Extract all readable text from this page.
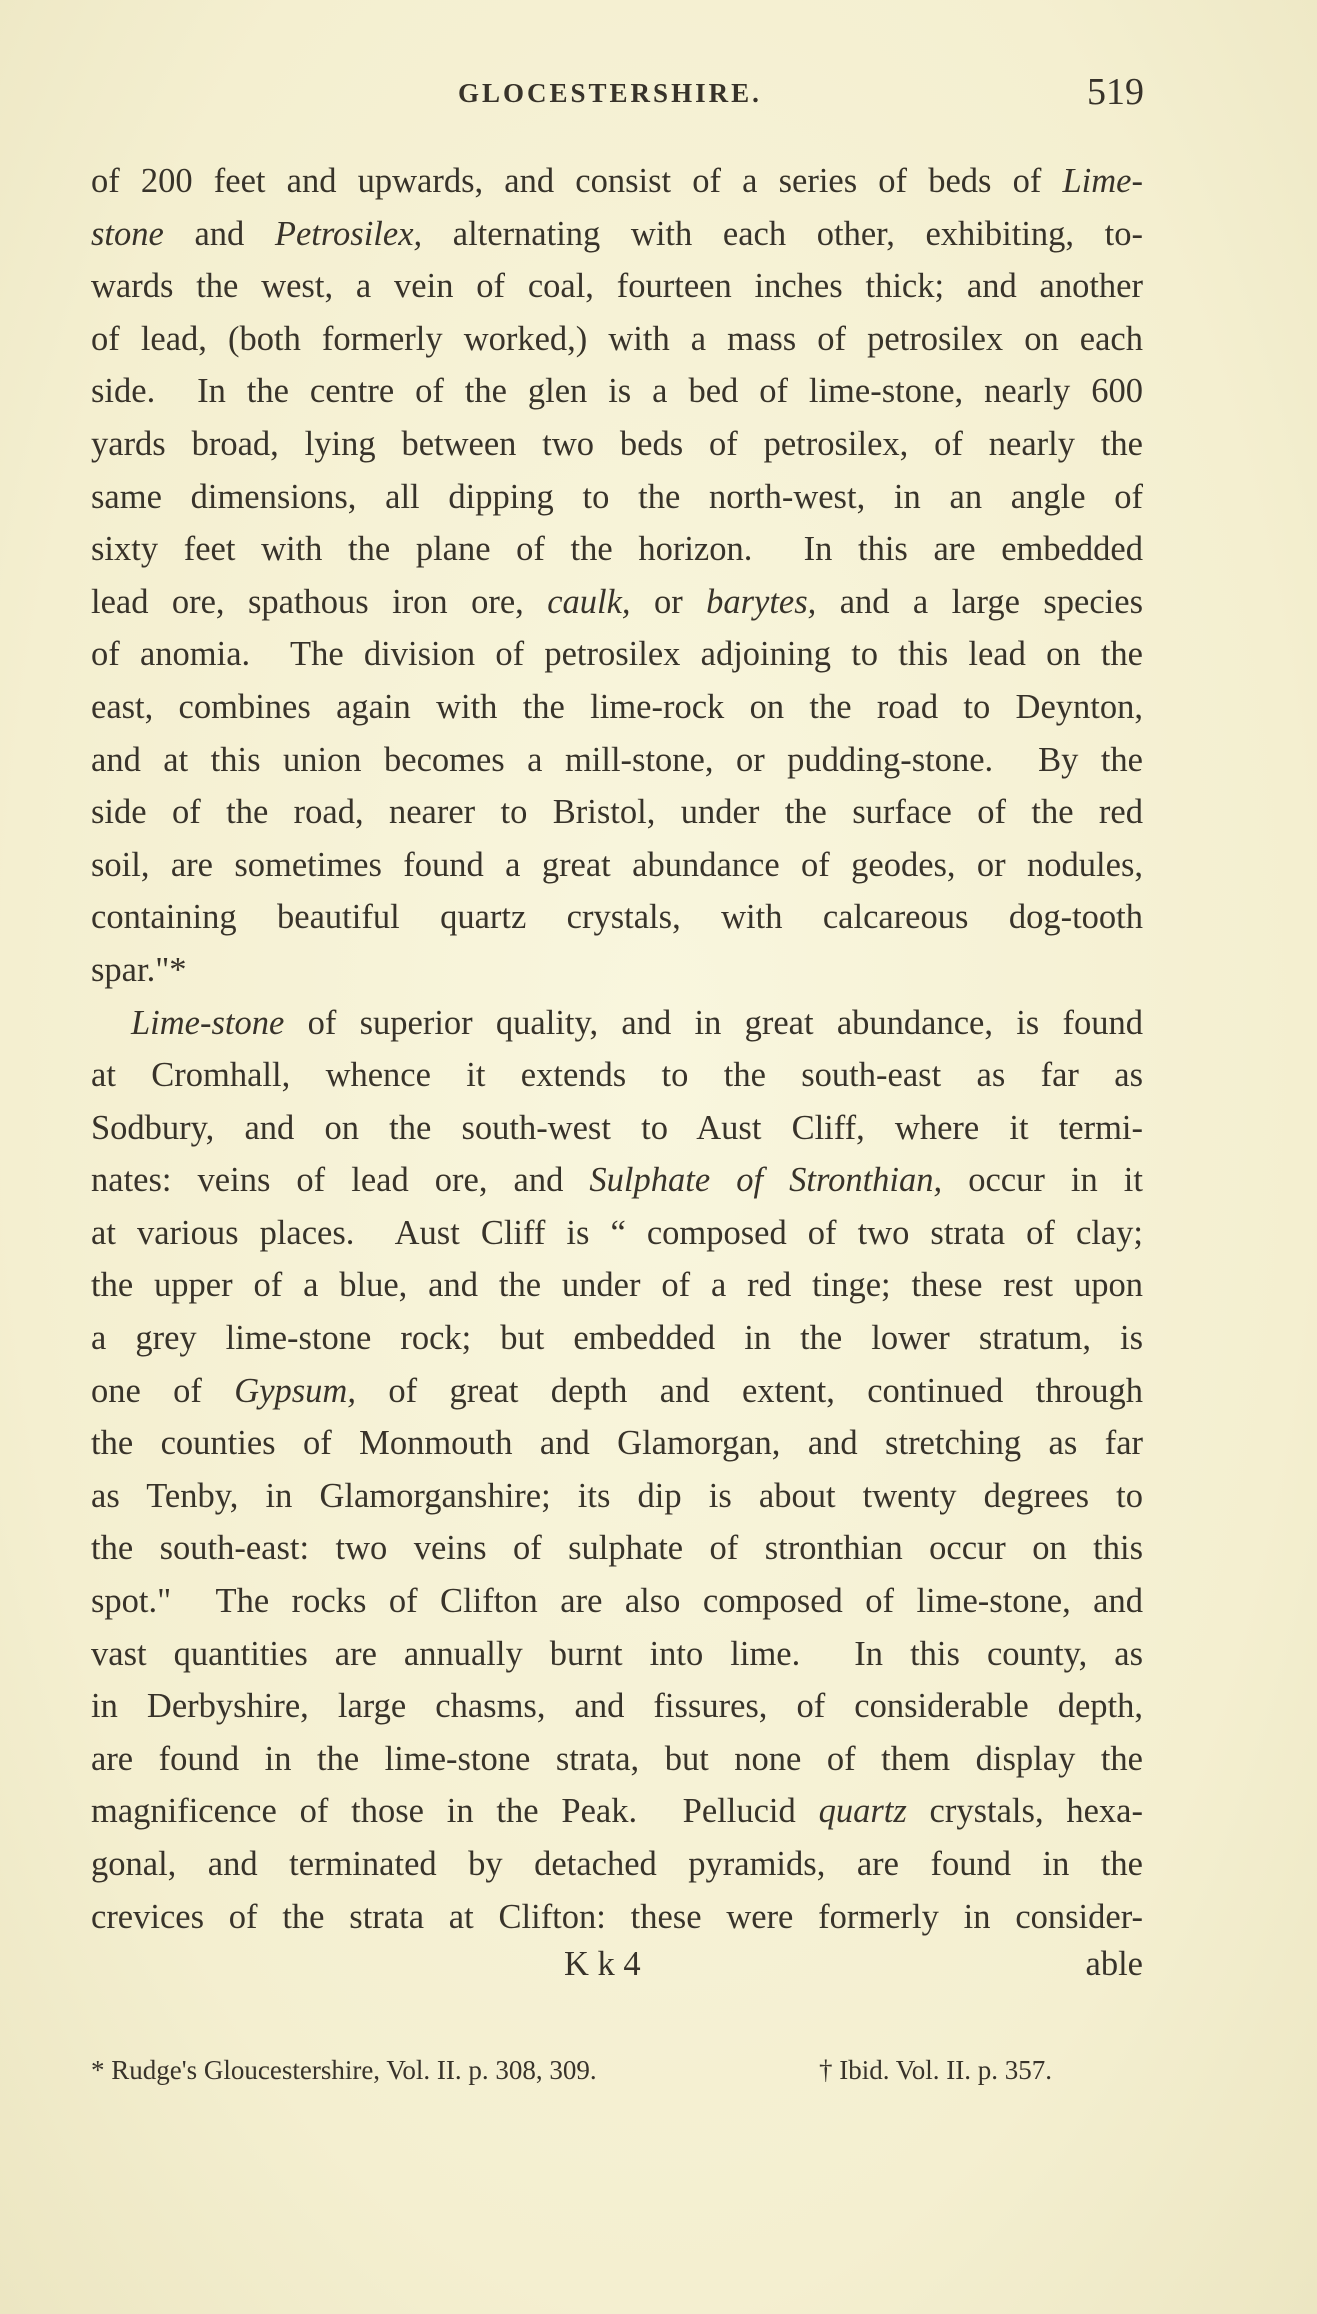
GLOCESTERSHIRE.	519
of 200 feet and upwards, and consist of a series of beds of Lime-
stone and Petrosilex, alternating with each other, exhibiting, to-
wards the west, a vein of coal, fourteen inches thick; and another
of lead, (both formerly worked,) with a mass of petrosilex on each
side.  In the centre of the glen is a bed of lime-stone, nearly 600
yards broad, lying between two beds of petrosilex, of nearly the
same dimensions, all dipping to the north-west, in an angle of
sixty feet with the plane of the horizon.  In this are embedded
lead ore, spathous iron ore, caulk, or barytes, and a large species
of anomia.  The division of petrosilex adjoining to this lead on the
east, combines again with the lime-rock on the road to Deynton,
and at this union becomes a mill-stone, or pudding-stone.  By the
side of the road, nearer to Bristol, under the surface of the red
soil, are sometimes found a great abundance of geodes, or nodules,
containing beautiful quartz crystals, with calcareous dog-tooth
spar."*
Lime-stone of superior quality, and in great abundance, is found
at Cromhall, whence it extends to the south-east as far as
Sodbury, and on the south-west to Aust Cliff, where it termi-
nates: veins of lead ore, and Sulphate of Stronthian, occur in it
at various places.  Aust Cliff is “ composed of two strata of clay;
the upper of a blue, and the under of a red tinge; these rest upon
a grey lime-stone rock; but embedded in the lower stratum, is
one of Gypsum, of great depth and extent, continued through
the counties of Monmouth and Glamorgan, and stretching as far
as Tenby, in Glamorganshire; its dip is about twenty degrees to
the south-east: two veins of sulphate of stronthian occur on this
spot."  The rocks of Clifton are also composed of lime-stone, and
vast quantities are annually burnt into lime.  In this county, as
in Derbyshire, large chasms, and fissures, of considerable depth,
are found in the lime-stone strata, but none of them display the
magnificence of those in the Peak.  Pellucid quartz crystals, hexa-
gonal, and terminated by detached pyramids, are found in the
crevices of the strata at Clifton: these were formerly in consider-
K k 4	able
* Rudge's Gloucestershire, Vol. II. p. 308, 309.	† Ibid. Vol. II. p. 357.
